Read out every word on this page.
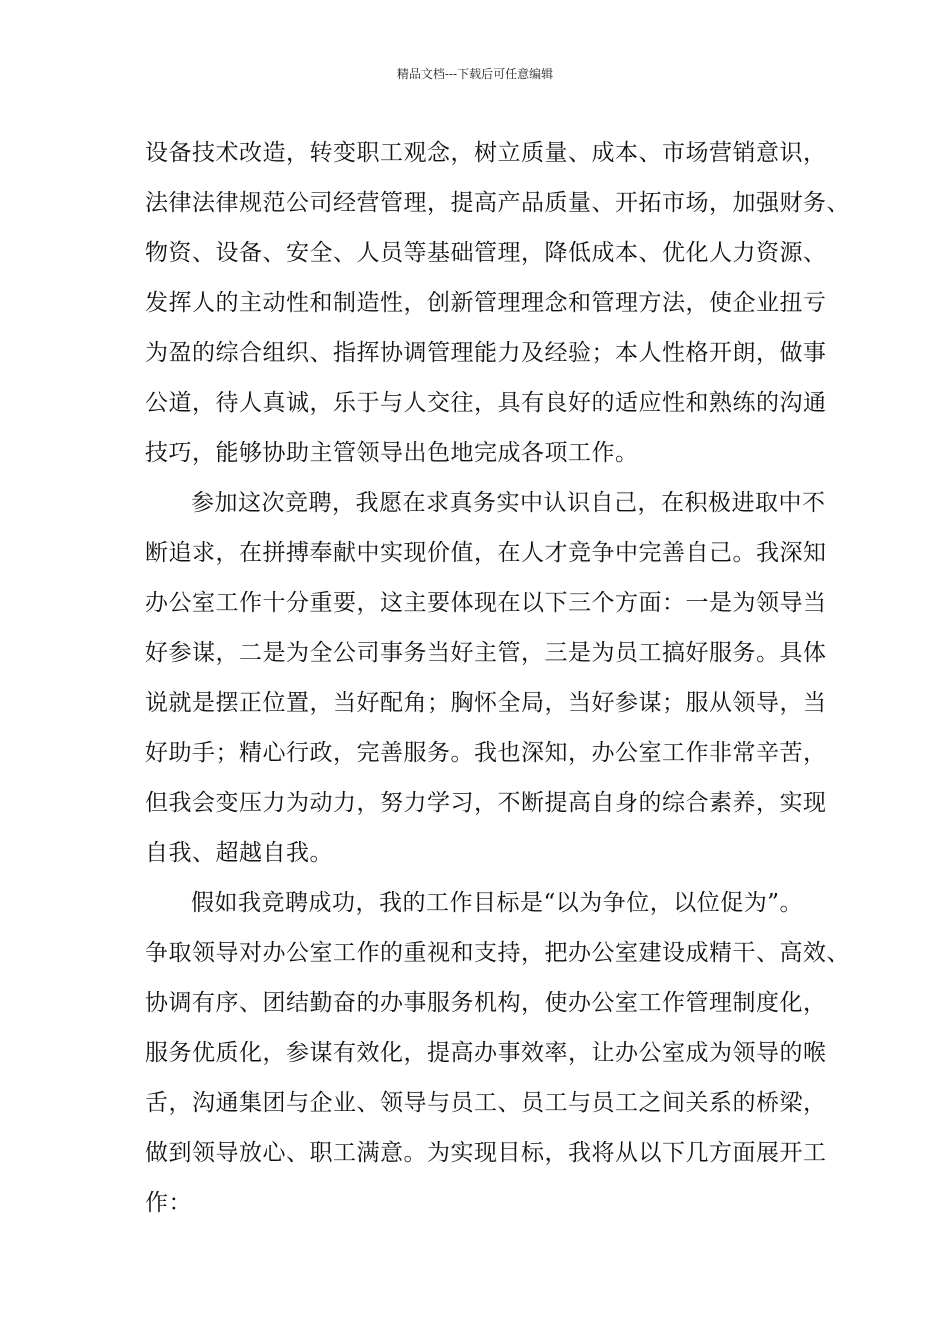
精品文档---下载后可任意编辑
设备技术改造，转变职工观念，树立质量、成本、市场营销意识，
法律法律规范公司经营管理，提高产品质量、开拓市场，加强财务、
物资、设备、安全、人员等基础管理，降低成本、优化人力资源、
发挥人的主动性和制造性，创新管理理念和管理方法，使企业扭亏
为盈的综合组织、指挥协调管理能力及经验；本人性格开朗，做事
公道，待人真诚，乐于与人交往，具有良好的适应性和熟练的沟通
技巧，能够协助主管领导出色地完成各项工作。
参加这次竞聘，我愿在求真务实中认识自己，在积极进取中不
断追求，在拼搏奉献中实现价值，在人才竞争中完善自己。我深知
办公室工作十分重要，这主要体现在以下三个方面：一是为领导当
好参谋，二是为全公司事务当好主管，三是为员工搞好服务。具体
说就是摆正位置，当好配角；胸怀全局，当好参谋；服从领导，当
好助手；精心行政，完善服务。我也深知，办公室工作非常辛苦，
但我会变压力为动力，努力学习，不断提高自身的综合素养，实现
自我、超越自我。
假如我竞聘成功，我的工作目标是“以为争位，以位促为”。
争取领导对办公室工作的重视和支持，把办公室建设成精干、高效、
协调有序、团结勤奋的办事服务机构，使办公室工作管理制度化，
服务优质化，参谋有效化，提高办事效率，让办公室成为领导的喉
舌，沟通集团与企业、领导与员工、员工与员工之间关系的桥梁，
做到领导放心、职工满意。为实现目标，我将从以下几方面展开工
作：
